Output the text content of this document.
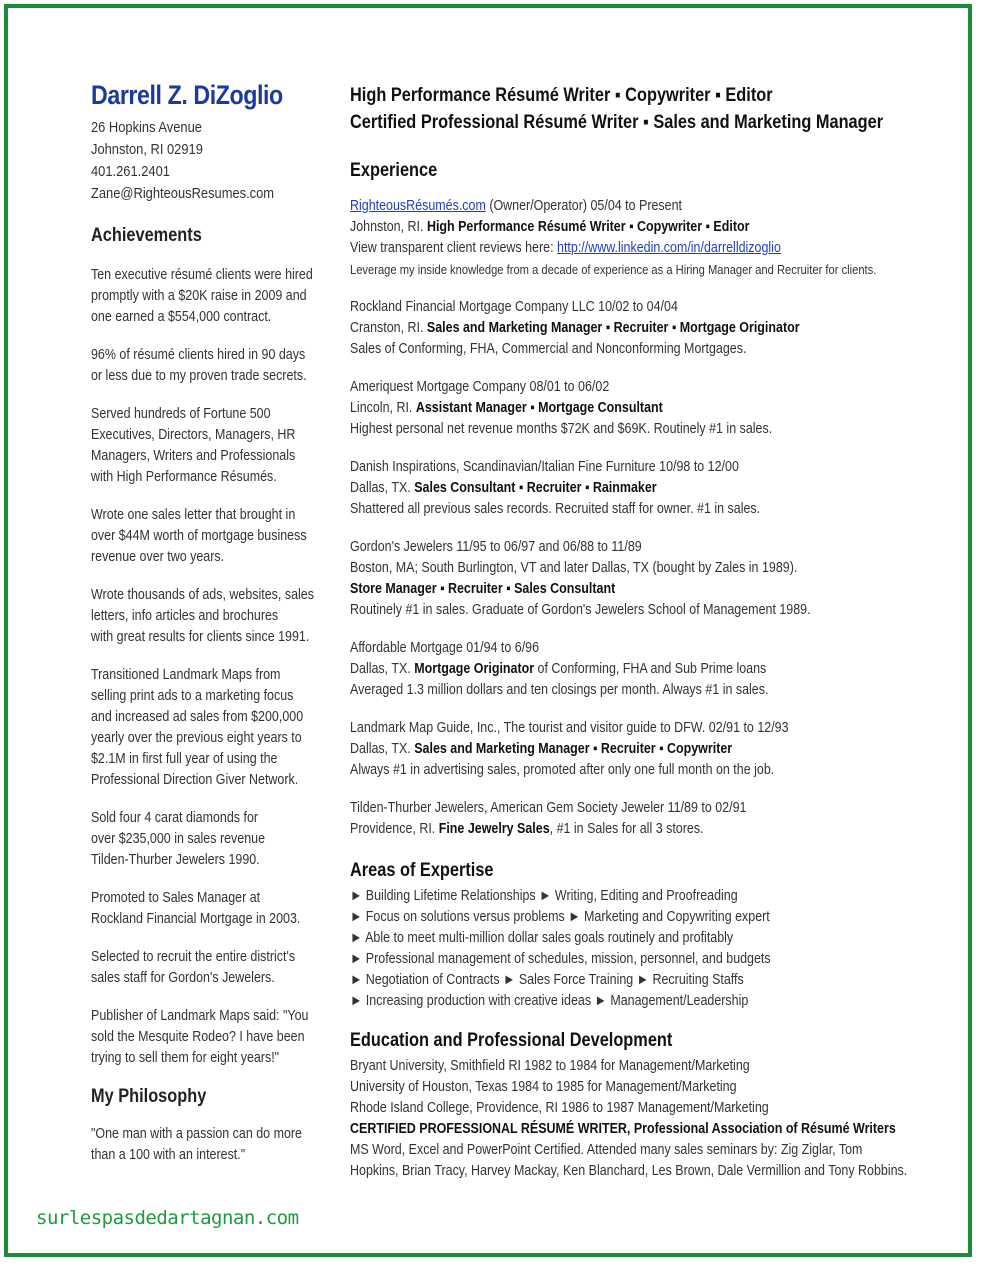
Darrell Z. DiZoglio
26 Hopkins Avenue
Johnston, RI 02919
401.261.2401
Zane@RighteousResumes.com
Achievements
Ten executive résumé clients were hired
promptly with a $20K raise in 2009 and
one earned a $554,000 contract.
96% of résumé clients hired in 90 days
or less due to my proven trade secrets.
Served hundreds of Fortune 500
Executives, Directors, Managers, HR
Managers, Writers and Professionals
with High Performance Résumés.
Wrote one sales letter that brought in
over $44M worth of mortgage business
revenue over two years.
Wrote thousands of ads, websites, sales
letters, info articles and brochures
with great results for clients since 1991.
Transitioned Landmark Maps from
selling print ads to a marketing focus
and increased ad sales from $200,000
yearly over the previous eight years to
$2.1M in first full year of using the
Professional Direction Giver Network.
Sold four 4 carat diamonds for
over $235,000 in sales revenue
Tilden-Thurber Jewelers 1990.
Promoted to Sales Manager at
Rockland Financial Mortgage in 2003.
Selected to recruit the entire district's
sales staff for Gordon's Jewelers.
Publisher of Landmark Maps said: "You
sold the Mesquite Rodeo? I have been
trying to sell them for eight years!"
My Philosophy
"One man with a passion can do more
than a 100 with an interest."
High Performance Résumé Writer ▪ Copywriter ▪ Editor
Certified Professional Résumé Writer ▪ Sales and Marketing Manager
Experience
RighteousRésumés.com (Owner/Operator) 05/04 to Present
Johnston, RI. High Performance Résumé Writer ▪ Copywriter ▪ Editor
View transparent client reviews here: http://www.linkedin.com/in/darrelldizoglio
Leverage my inside knowledge from a decade of experience as a Hiring Manager and Recruiter for clients.
Rockland Financial Mortgage Company LLC 10/02 to 04/04
Cranston, RI. Sales and Marketing Manager ▪ Recruiter ▪ Mortgage Originator
Sales of Conforming, FHA, Commercial and Nonconforming Mortgages.
Ameriquest Mortgage Company 08/01 to 06/02
Lincoln, RI. Assistant Manager ▪ Mortgage Consultant
Highest personal net revenue months $72K and $69K. Routinely #1 in sales.
Danish Inspirations, Scandinavian/Italian Fine Furniture 10/98 to 12/00
Dallas, TX. Sales Consultant ▪ Recruiter ▪ Rainmaker
Shattered all previous sales records. Recruited staff for owner. #1 in sales.
Gordon's Jewelers 11/95 to 06/97 and 06/88 to 11/89
Boston, MA; South Burlington, VT and later Dallas, TX (bought by Zales in 1989).
Store Manager ▪ Recruiter ▪ Sales Consultant
Routinely #1 in sales. Graduate of Gordon's Jewelers School of Management 1989.
Affordable Mortgage 01/94 to 6/96
Dallas, TX. Mortgage Originator of Conforming, FHA and Sub Prime loans
Averaged 1.3 million dollars and ten closings per month. Always #1 in sales.
Landmark Map Guide, Inc., The tourist and visitor guide to DFW. 02/91 to 12/93
Dallas, TX. Sales and Marketing Manager ▪ Recruiter ▪ Copywriter
Always #1 in advertising sales, promoted after only one full month on the job.
Tilden-Thurber Jewelers, American Gem Society Jeweler 11/89 to 02/91
Providence, RI. Fine Jewelry Sales, #1 in Sales for all 3 stores.
Areas of Expertise
► Building Lifetime Relationships ► Writing, Editing and Proofreading
► Focus on solutions versus problems ► Marketing and Copywriting expert
► Able to meet multi-million dollar sales goals routinely and profitably
► Professional management of schedules, mission, personnel, and budgets
► Negotiation of Contracts ► Sales Force Training ► Recruiting Staffs
► Increasing production with creative ideas ► Management/Leadership
Education and Professional Development
Bryant University, Smithfield RI 1982 to 1984 for Management/Marketing
University of Houston, Texas 1984 to 1985 for Management/Marketing
Rhode Island College, Providence, RI 1986 to 1987 Management/Marketing
CERTIFIED PROFESSIONAL RÉSUMÉ WRITER, Professional Association of Résumé Writers
MS Word, Excel and PowerPoint Certified. Attended many sales seminars by: Zig Ziglar, Tom
Hopkins, Brian Tracy, Harvey Mackay, Ken Blanchard, Les Brown, Dale Vermillion and Tony Robbins.
surlespasdedartagnan.com
